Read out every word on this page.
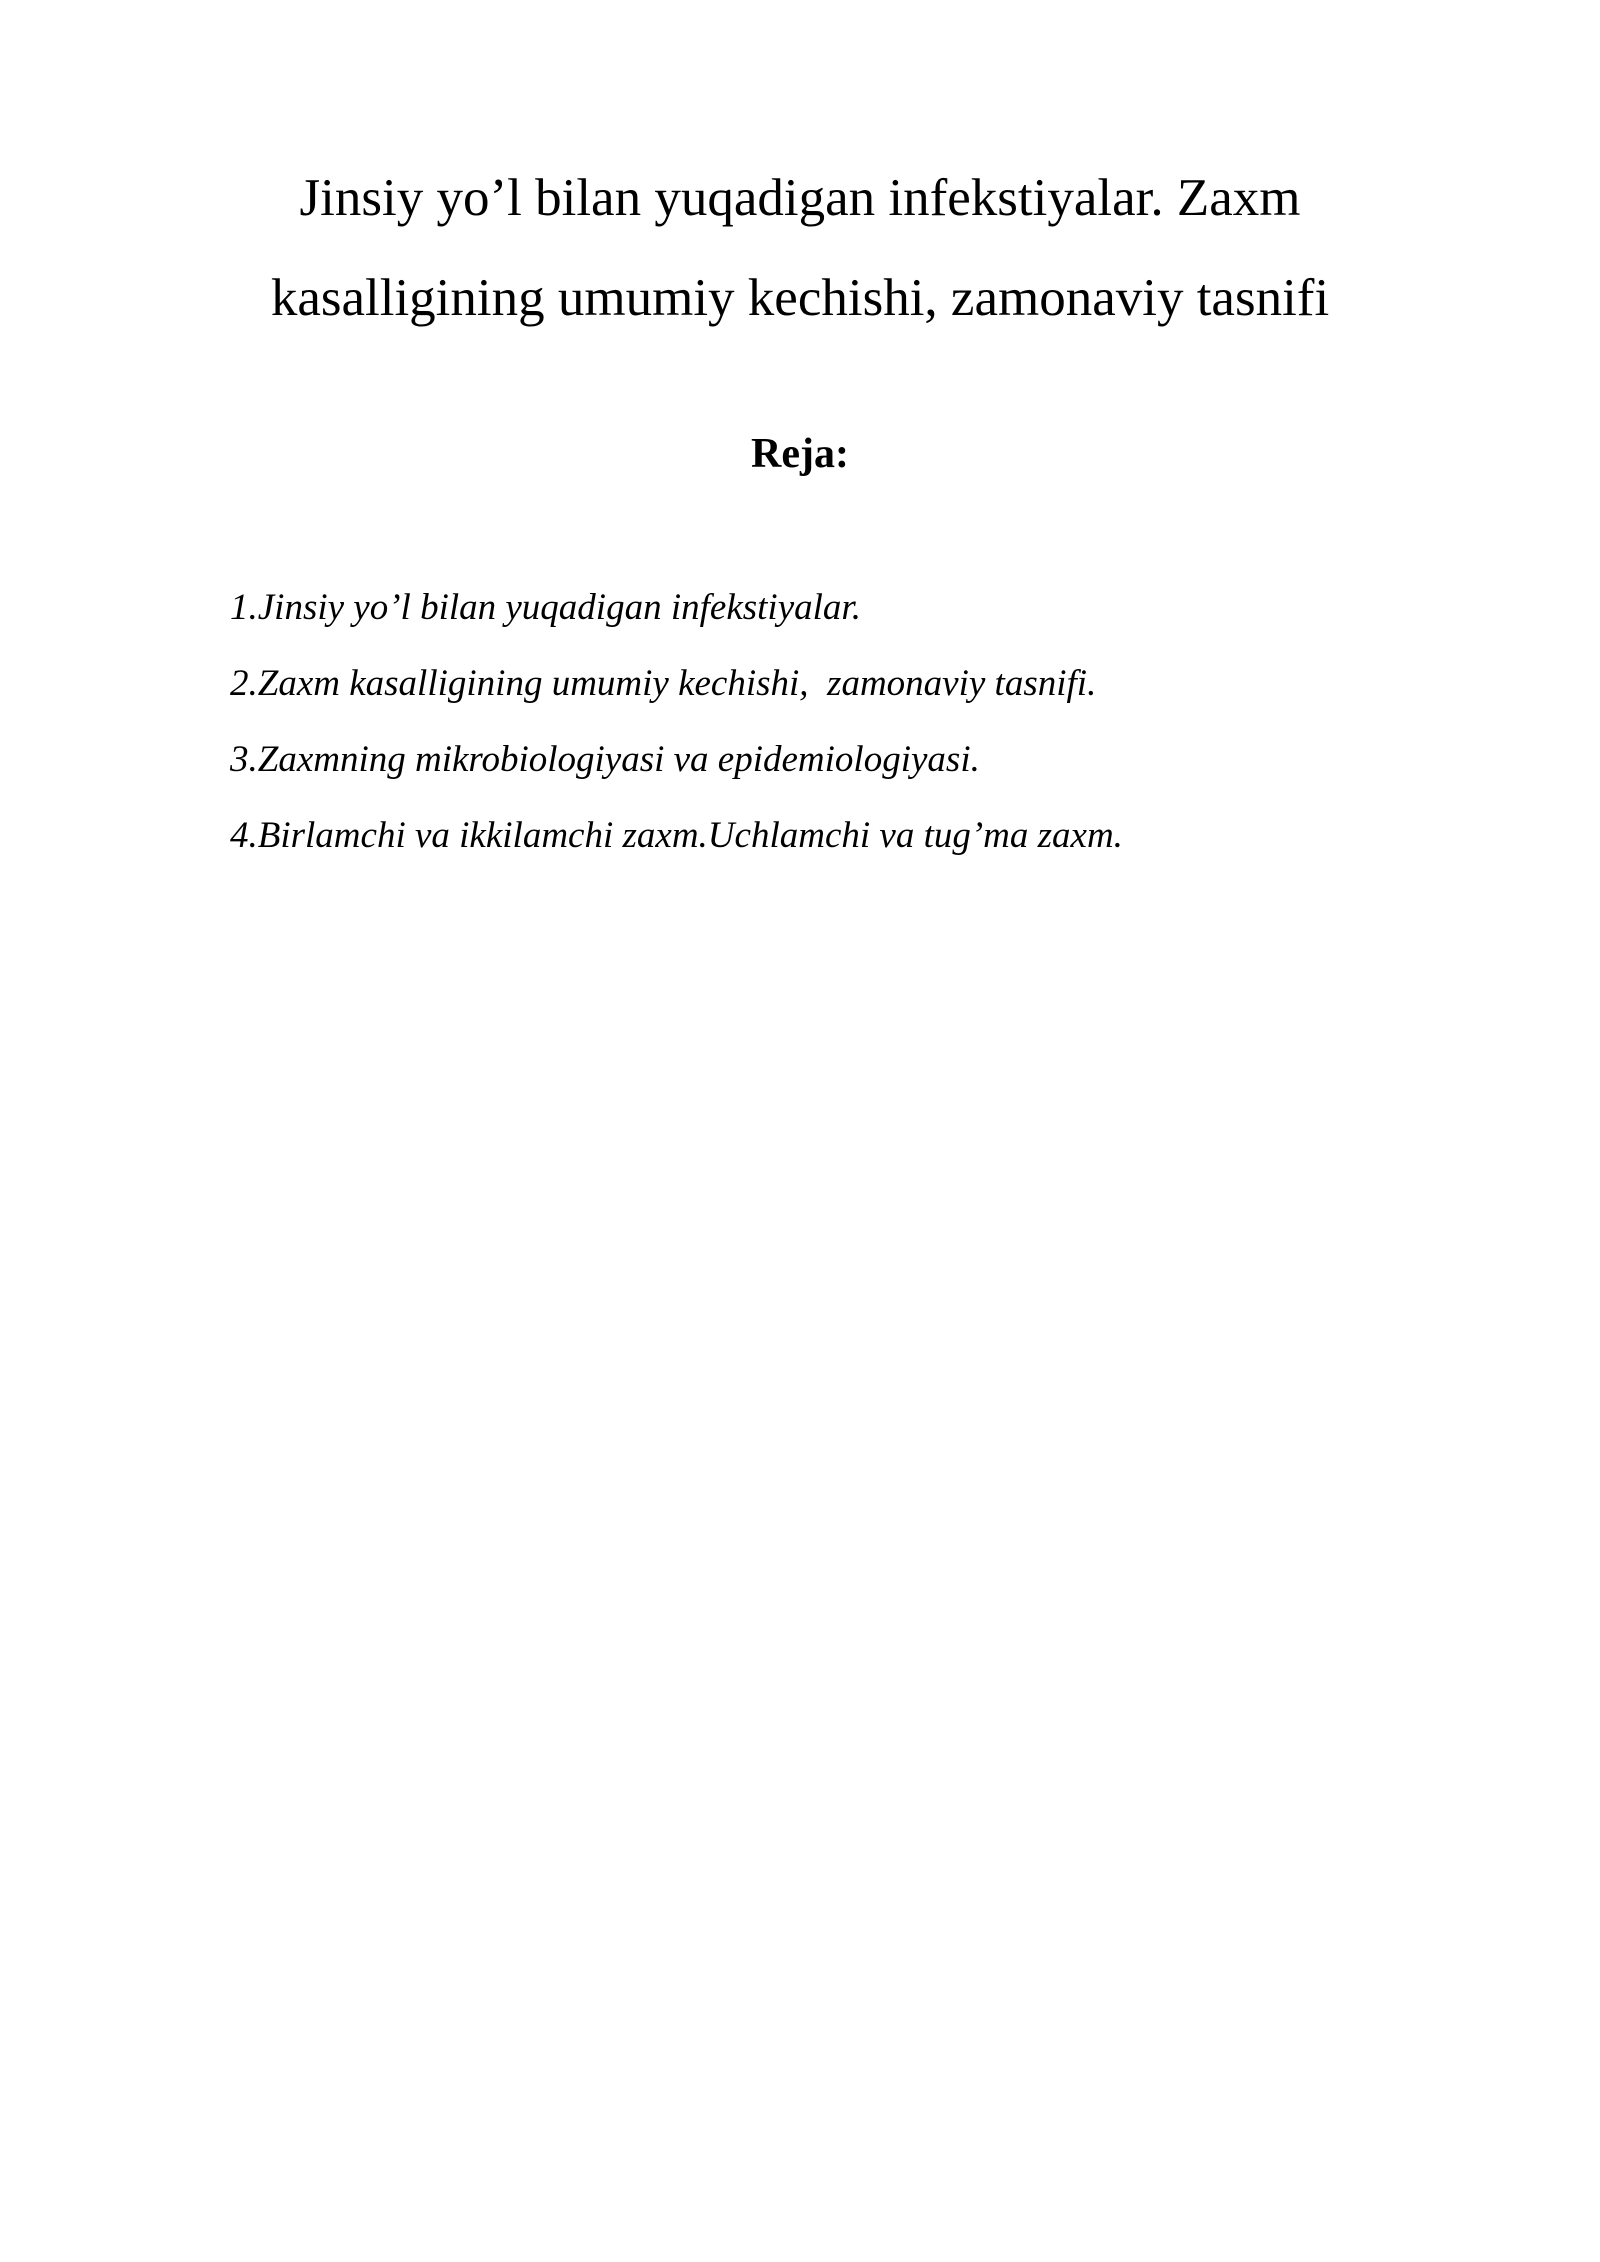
Jinsiy yo’l bilan yuqadigan infekstiyalar. Zaxm
kasalligining umumiy kechishi, zamonaviy tasnifi
Reja:
1.Jinsiy yo’l bilan yuqadigan infekstiyalar.
2.Zaxm kasalligining umumiy kechishi,  zamonaviy tasnifi.
3.Zaxmning mikrobiologiyasi va epidemiologiyasi.
4.Birlamchi va ikkilamchi zaxm.Uchlamchi va tug’ma zaxm.
